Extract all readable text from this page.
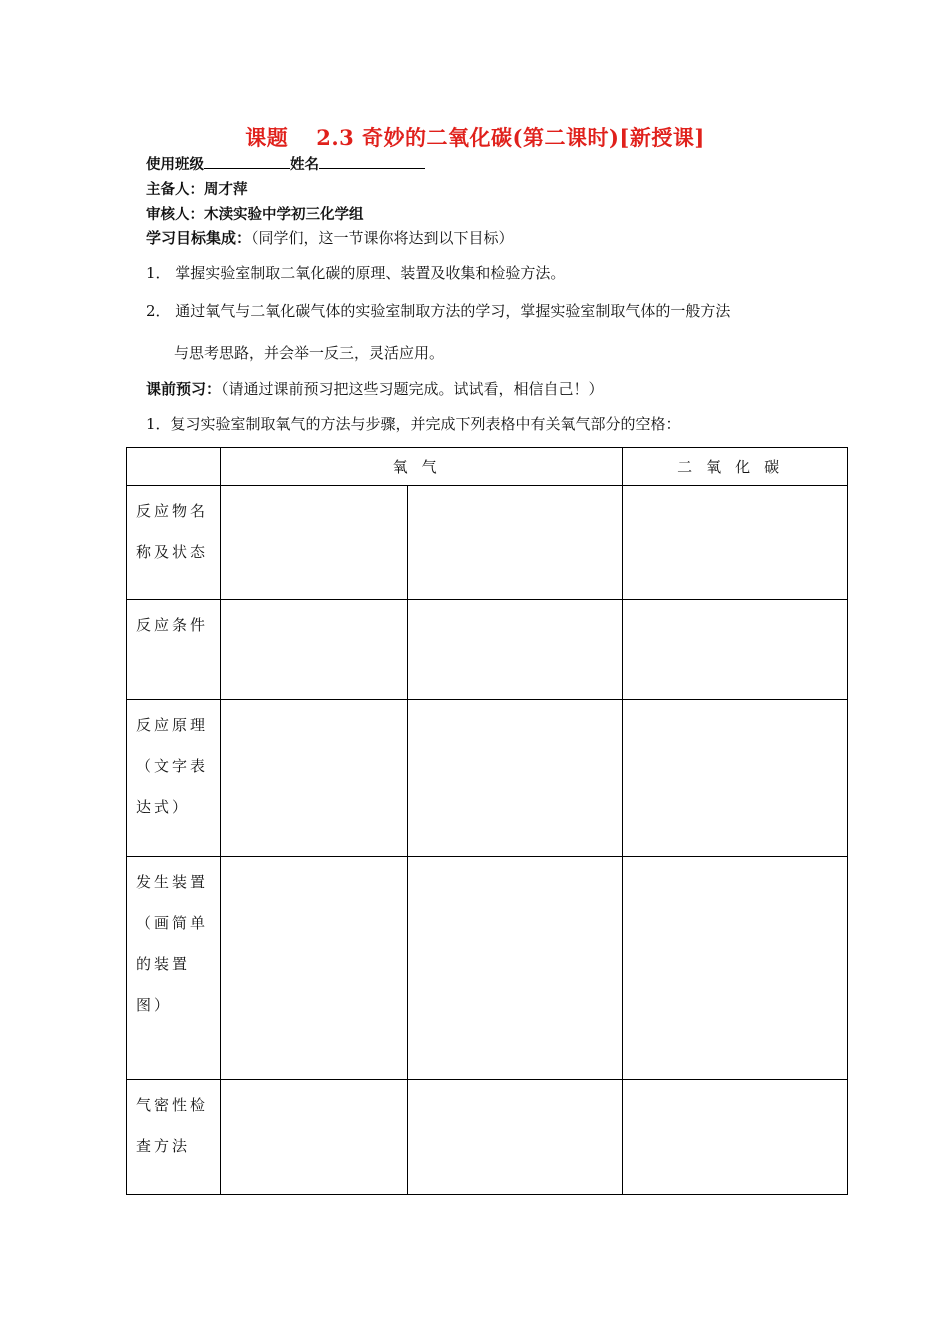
课题 2.3 奇妙的二氧化碳(第二课时)[新授课]
使用班级	姓名
主备人：周才萍
审核人：木渎实验中学初三化学组
学习目标集成：（同学们，这一节课你将达到以下目标）
1． 掌握实验室制取二氧化碳的原理、装置及收集和检验方法。
2． 通过氧气与二氧化碳气体的实验室制取方法的学习，掌握实验室制取气体的一般方法
与思考思路，并会举一反三，灵活应用。
课前预习：（请通过课前预习把这些习题完成。试试看，相信自己！）
1．复习实验室制取氧气的方法与步骤，并完成下列表格中有关氧气部分的空格：
	氧气		二氧化碳
反应物名称及状态			
反应条件			
反应原理（文字表达式）			
发生装置（画简单的装置图）			
气密性检查方法			
